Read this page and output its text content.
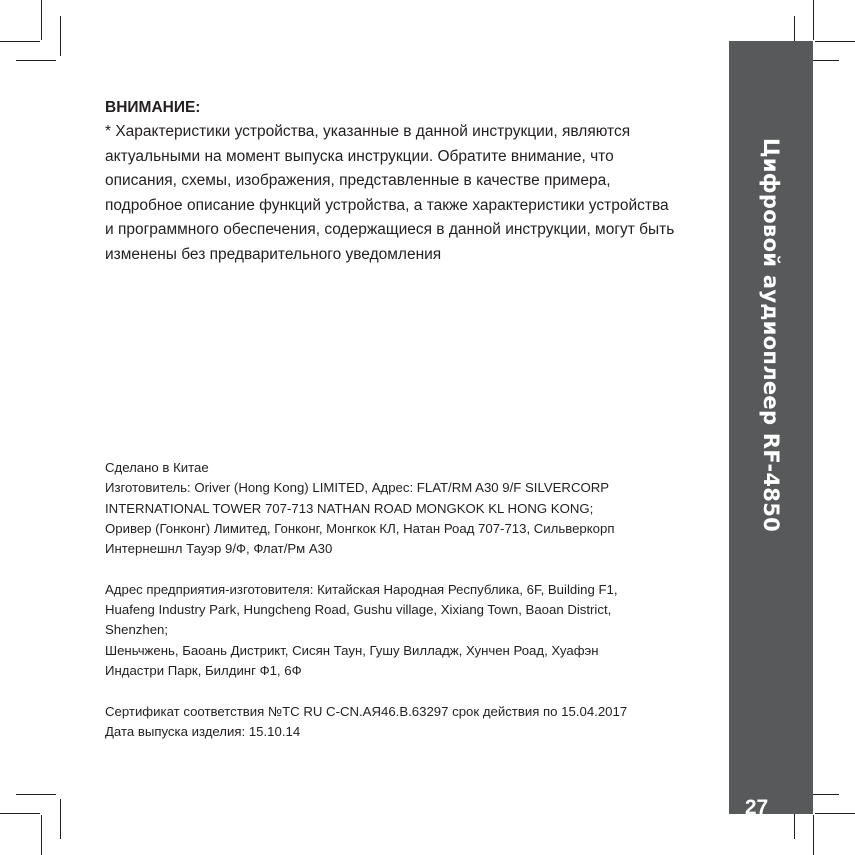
ВНИМАНИЕ:
* Характеристики устройства, указанные в данной инструкции, являются
актуальными на момент выпуска инструкции. Обратите внимание, что
описания, схемы, изображения, представленные в качестве примера,
подробное описание функций устройства, а также характеристики устройства
и программного обеспечения, содержащиеся в данной инструкции, могут быть
изменены без предварительного уведомления
Сделано в Китае
Изготовитель: Oriver (Hong Kong) LIMITED, Адрес: FLAT/RM A30 9/F SILVERCORP
INTERNATIONAL TOWER 707-713 NATHAN ROAD MONGKOK KL HONG KONG;
Оривер (Гонконг) Лимитед, Гонконг, Монгкок КЛ, Натан Роад 707-713, Сильверкорп
Интернешнл Тауэр 9/Ф, Флат/Рм А30
Адрес предприятия-изготовителя: Китайская Народная Республика, 6F, Building F1,
Huafeng Industry Park, Hungcheng Road, Gushu village, Xixiang Town, Baoan District,
Shenzhen;
Шеньчжень, Баоань Дистрикт, Сисян Таун, Гушу Вилладж, Хунчен Роад, Хуафэн
Индастри Парк, Билдинг Ф1, 6Ф
Сертификат соответствия №TC RU C-CN.АЯ46.В.63297 срок действия по 15.04.2017
Дата выпуска изделия: 15.10.14
Цифровой аудиоплеер RF-4850
27
